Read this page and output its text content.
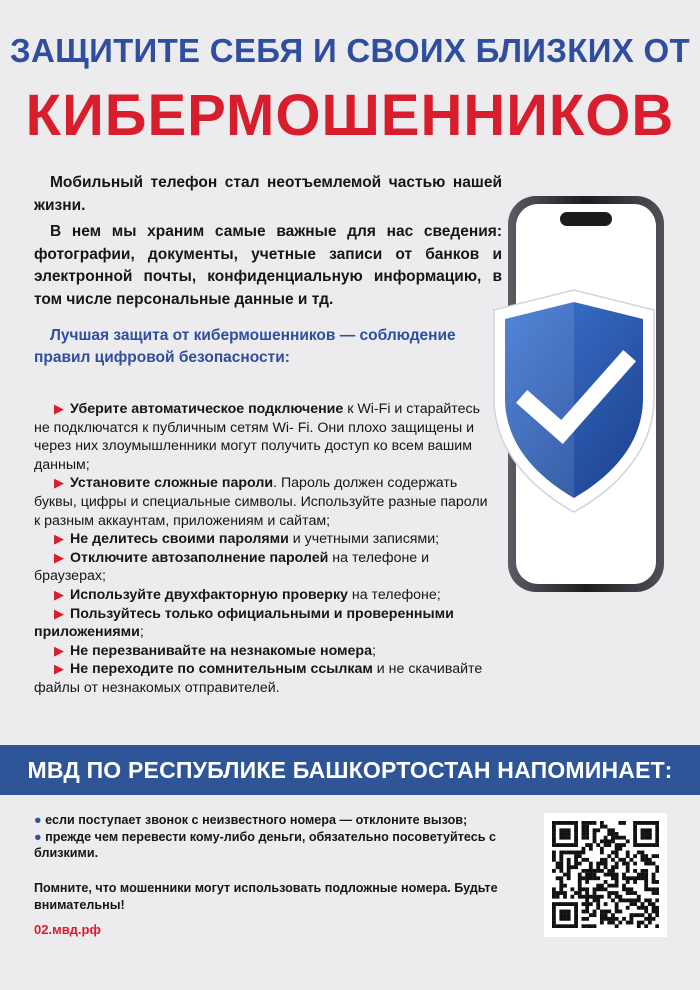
ЗАЩИТИТЕ СЕБЯ И СВОИХ БЛИЗКИХ ОТ
КИБЕРМОШЕННИКОВ

Мобильный телефон стал неотъемлемой частью нашей жизни.

В нем мы храним самые важные для нас сведения: фотографии, документы, учетные записи от банков и электронной почты, конфиденциальную информацию, в том числе персональные данные и тд.

Лучшая защита от кибермошенников — соблюдение правил цифровой безопасности:
▶ Уберите автоматическое подключение к Wi-Fi и старайтесь не подключатся к публичным сетям Wi- Fi. Они плохо защищены и через них злоумышленники могут получить доступ ко всем вашим данным;
▶ Установите сложные пароли. Пароль должен содержать буквы, цифры и специальные символы. Используйте разные пароли к разным аккаунтам, приложениям и сайтам;
▶ Не делитесь своими паролями и учетными записями;
▶ Отключите автозаполнение паролей на телефоне и браузерах;
▶ Используйте двухфакторную проверку на телефоне;
▶ Пользуйтесь только официальными и проверенными приложениями;
▶ Не перезванивайте на незнакомые номера;
▶ Не переходите по сомнительным ссылкам и не скачивайте файлы от незнакомых отправителей.
МВД ПО РЕСПУБЛИКЕ БАШКОРТОСТАН НАПОМИНАЕТ:
● если поступает звонок с неизвестного номера — отклоните вызов;
● прежде чем перевести кому-либо деньги, обязательно посоветуйтесь с близкими.
Помните, что мошенники могут использовать подложные номера. Будьте внимательны!
02.мвд.рф
